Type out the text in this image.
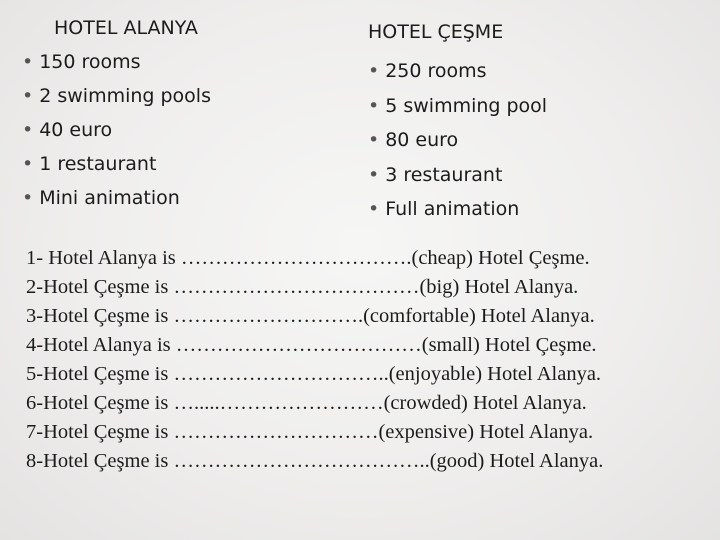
HOTEL ALANYA
• 150 rooms
• 2 swimming pools
• 40 euro
• 1 restaurant
• Mini animation
HOTEL ÇEŞME
• 250 rooms
• 5 swimming pool
• 80 euro
• 3 restaurant
• Full animation
1- Hotel Alanya is …………………………….(cheap) Hotel Çeşme.
2-Hotel Çeşme is ………………………………(big) Hotel Alanya.
3-Hotel Çeşme is ……………………….(comfortable) Hotel Alanya.
4-Hotel Alanya is ………………………………(small) Hotel Çeşme.
5-Hotel Çeşme is …………………………..(enjoyable) Hotel Alanya.
6-Hotel Çeşme is ….....……………………(crowded) Hotel Alanya.
7-Hotel Çeşme is …………………………(expensive) Hotel Alanya.
8-Hotel Çeşme is ………………………………..(good) Hotel Alanya.
